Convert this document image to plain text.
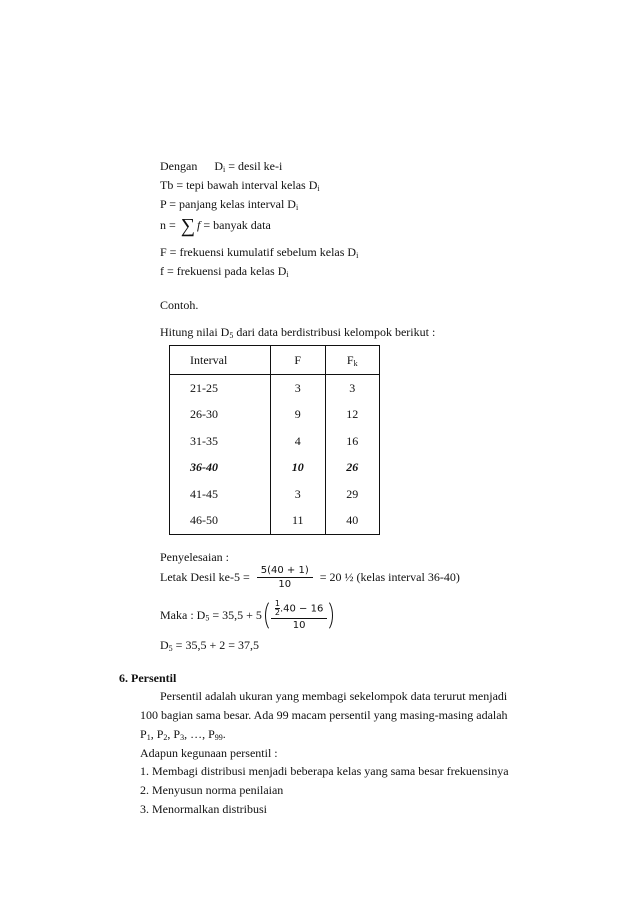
Dengan $D_i$ = desil ke-i
Tb = tepi bawah interval kelas $D_i$
P = panjang kelas interval $D_i$
n = ∑ f = banyak data
F = frekuensi kumulatif sebelum kelas $D_i$
f = frekuensi pada kelas $D_i$
Contoh.
Hitung nilai $D_5$ dari data berdistribusi kelompok berikut :
Interval	F	$F_k$
21-25	3	3
26-30	9	12
31-35	4	16
36-40	10	26
41-45	3	29
46-50	11	40
Penyelesaian :
Letak Desil $ke-5 = \frac{5(40 + 1)}{10} = 20$ ½ (kelas interval 36-40)
Maka : $D_5 = 35,5 + 5 \frac{\frac{1}{2} .40 - 16}{10}$
$D_5 = 35,5 + 2 = 37,5$
6. Persentil
Persentil adalah ukuran yang membagi sekelompok data terurut menjadi
100 bagian sama besar. Ada 99 macam persentil yang masing-masing adalah
$P_1$, $P_2$, $P_3$, …, $P_{99}$.
Adapun kegunaan persentil :
1. Membagi distribusi menjadi beberapa kelas yang sama besar frekuensinya
2. Menyusun norma penilaian
3. Menormalkan distribusi
